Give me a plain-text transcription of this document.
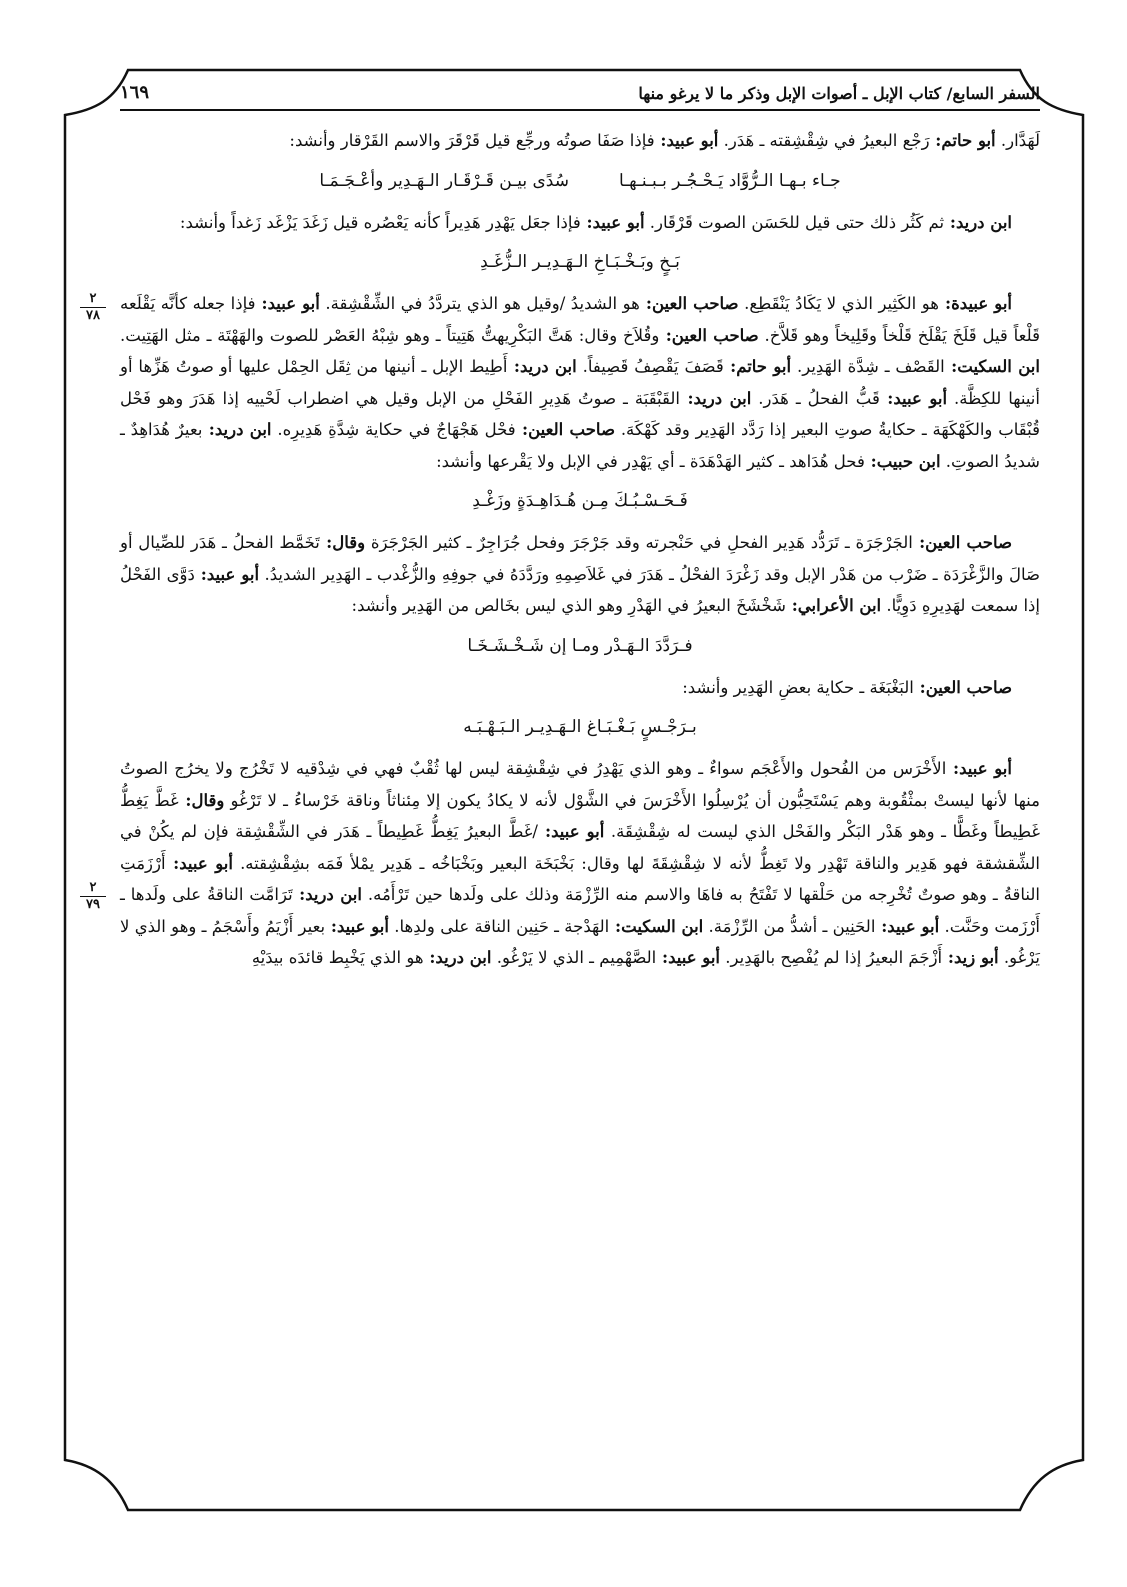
السفر السابع/ كتاب الإبل ـ أصوات الإبل وذكر ما لا يرغو منها
١٦٩

لَهَدَّار. أبو حاتم: رَجْع البعيرُ في شِقْشِقته ـ هَدَر. أبو عبيد: فإذا صَفَا صوتُه ورجِّع قيل قَرْقَرَ والاسم القَرْقار وأنشد:

جـاء بـهـا الـرُّوَّاد يَـحْـجُـر بـبـنـهـاسُدًى بيـن قَـرْقَـار الـهَـدِير وأعْـجَـمَـا

ابن دريد: ثم كَثُر ذلك حتى قيل للحَسَن الصوت قَرْقَار. أبو عبيد: فإذا جعَل يَهْدِر هَدِيراً كأنه يَعْصُره قيل زَغَدَ يَزْغَد زَغداً وأنشد:

بَـخٍ وبَـخْـبَـاخِ الـهَـدِيـر الـزُّغَـدِ
٢
٧٨

أبو عبيدة: هو الكَثِير الذي لا يَكَادُ يَنْقَطِع. صاحب العين: هو الشديدُ /وقيل هو الذي يتردَّدُ في الشِّقْشِقة. أبو عبيد: فإذا جعله كأنَّه يَقْلَعه قَلْعاً قيل قَلَخَ يَقْلَخ قَلْخاً وقَلِيخاً وهو قَلاَّخ. صاحب العين: وقُلاَخ وقال: هَتَّ البَكْرِيهتُّ هَتِيتاً ـ وهو شِبْهُ العَصْر للصوت والهَهْتَة ـ مثل الهَتِيت. ابن السكيت: القَصْف ـ شِدَّة الهَدِير. أبو حاتم: قَصَفَ يَقْصِفُ قَصِيفاً. ابن دريد: أَطِيط الإبل ـ أنينها من ثِقَل الحِمْل عليها أو صوتُ هَزِّها أو أنينها للكِظَّة. أبو عبيد: قَبُّ الفحلُ ـ هَدَر. ابن دريد: القَبْقَبَة ـ صوتُ هَدِيرِ الفَحْلِ من الإبل وقيل هي اضطراب لَحْييه إذا هَدَرَ وهو فَحْل قُبْقَاب والكَهْكَهَة ـ حكايةُ صوتِ البعير إذا رَدَّد الهَدِير وقد كَهْكَهَ. صاحب العين: فحْل هَجْهَاجٌ في حكاية شِدَّةِ هَدِيرِه. ابن دريد: بعيرٌ هُدَاهِدٌ ـ شديدُ الصوتِ. ابن حبيب: فحل هُدَاهد ـ كثير الهَدْهَدَة ـ أي يَهْدِر في الإبل ولا يَقْرعها وأنشد:

فَـحَـسْـبُـكَ مِـن هُـدَاهِـدَةٍ وزَغْـدِ

صاحب العين: الجَرْجَرَة ـ تَرَدُّد هَدِير الفحلِ في حَنْجرته وقد جَرْجَرَ وفحل جُرَاجِرٌ ـ كثير الجَرْجَرَة وقال: تَخَمَّط الفحلُ ـ هَدَر للصِّيال أو صَالَ والزَّغْرَدَة ـ ضَرْب من هَدْر الإبل وقد زَغْرَدَ الفحْلُ ـ هَدَرَ في غَلاَصِمِهِ ورَدَّدَهُ في جوفِهِ والزُّغْدب ـ الهَدِير الشديدُ. أبو عبيد: دَوَّى الفَحْلُ إذا سمعت لهَدِيرِهِ دَوِيًّا. ابن الأعرابي: شَخْشَخَ البعيرُ في الهَدْرِ وهو الذي ليس بخَالص من الهَدِير وأنشد:

فـرَدَّدَ الـهَـدْر ومـا إن شَـخْـشَـخَـا

صاحب العين: البَغْبَغَة ـ حكاية بعضِ الهَدِير وأنشد:

بـرَجْـسٍ بَـغْـبَـاغ الـهَـدِيـر الـبَـهْـبَـه
٢
٧٩

أبو عبيد: الأَخْرَس من الفُحول والأَعْجَم سواءٌ ـ وهو الذي يَهْدِرُ في شِقْشِقة ليس لها ثُقْبٌ فهي في شِدْقيه لا تَخْرُج ولا يخرُج الصوتُ منها لأنها ليستْ بمثْقُوبة وهم يَسْتَحِبُّون أن يُرْسِلُوا الأَخْرَسَ في الشَّوْل لأنه لا يكادُ يكون إلا مِئناثاً وناقة خَرْساءُ ـ لا تَرْغُو وقال: غَطَّ يَغِطُّ غَطِيطاً وغَطًّا ـ وهو هَدْر البَكْر والفَحْل الذي ليست له شِقْشِقَة. أبو عبيد: /غَطَّ البعيرُ يَغِطُّ غَطِيطاً ـ هَدَر في الشِّقْشِقة فإن لم يكُنْ في الشِّقشقة فهو هَدِير والناقة تَهْدِر ولا تَغِطُّ لأنه لا شِقْشِقَةَ لها وقال: بَخْبَخَة البعير وبَخْبَاخُه ـ هَدِير يمْلأ فَمَه بشِقْشِقته. أبو عبيد: أَرْزَمَتِ الناقةُ ـ وهو صوتٌ تُخْرِجه من حَلْقها لا تَفْتَحُ به فاهَا والاسم منه الرِّزْمَة وذلك على ولَدها حين تَرْأَمُه. ابن دريد: تَرَامَّت الناقةُ على ولَدها ـ أَرْزَمت وحَنَّت. أبو عبيد: الحَنِين ـ أشدُّ من الرِّزْمَة. ابن السكيت: الهَدْجة ـ حَنِين الناقة على ولدِها. أبو عبيد: بعير أَزْيَمُ وأَسْجَمُ ـ وهو الذي لا يَرْغُو. أبو زيد: أَزْجَمَ البعيرُ إذا لم يُفْصِح بالهَدِير. أبو عبيد: الصَّهْمِيم ـ الذي لا يَرْغُو. ابن دريد: هو الذي يَخْبِط قائدَه بيدَيْهِ
